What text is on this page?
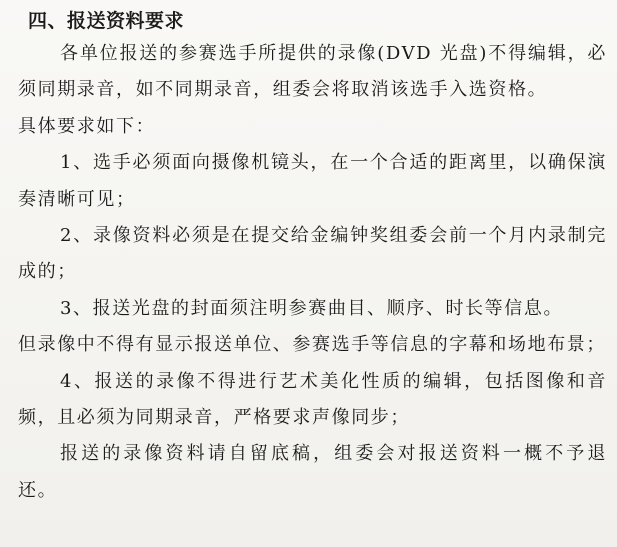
四、报送资料要求

各单位报送的参赛选手所提供的录像(DVD 光盘)不得编辑，必须同期录音，如不同期录音，组委会将取消该选手入选资格。

具体要求如下：

1、选手必须面向摄像机镜头，在一个合适的距离里，以确保演奏清晰可见；

2、录像资料必须是在提交给金编钟奖组委会前一个月内录制完成的；

3、报送光盘的封面须注明参赛曲目、顺序、时长等信息。

但录像中不得有显示报送单位、参赛选手等信息的字幕和场地布景；

4、报送的录像不得进行艺术美化性质的编辑，包括图像和音频，且必须为同期录音，严格要求声像同步；

报送的录像资料请自留底稿，组委会对报送资料一概不予退还。
